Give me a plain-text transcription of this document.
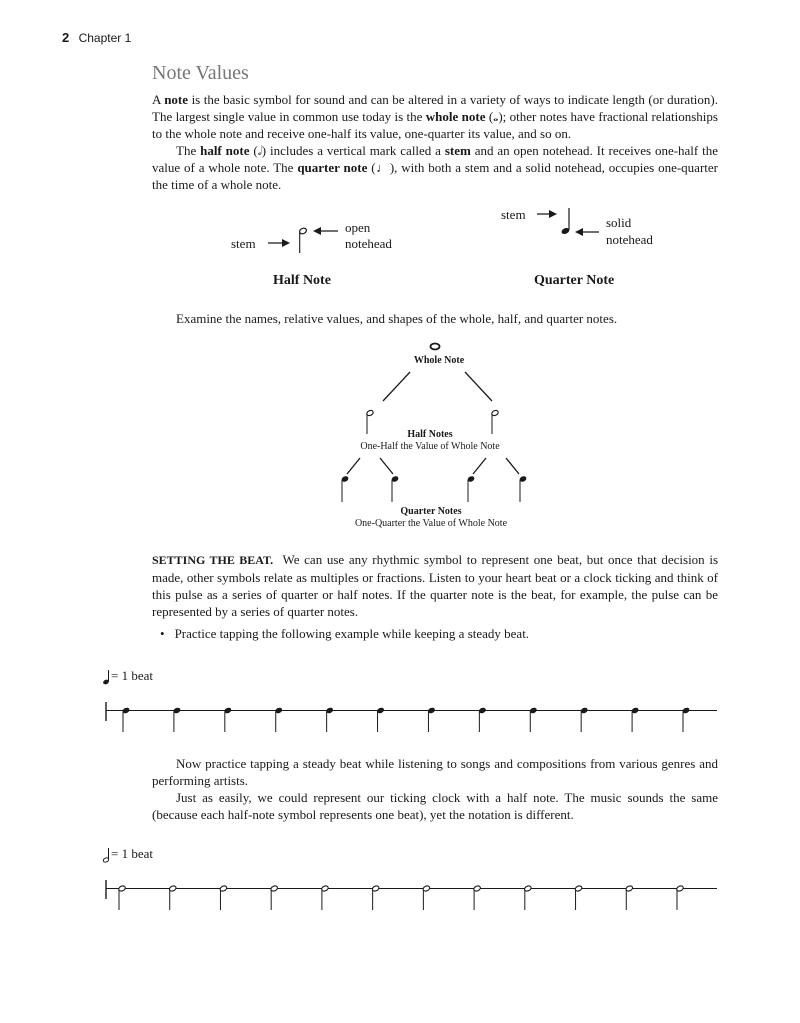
2 Chapter 1
Note Values

A note is the basic symbol for sound and can be altered in a variety of ways to indicate length (or duration). The largest single value in common use today is the whole note (𝅝); other notes have fractional relationships to the whole note and receive one-half its value, one-quarter its value, and so on.

The half note (𝅗𝅥) includes a vertical mark called a stem and an open notehead. It receives one-half the value of a whole note. The quarter note (♩), with both a stem and a solid notehead, occupies one-quarter the time of a whole note.

stem
open
notehead
Half Note
stem
solid
notehead
Quarter Note
Examine the names, relative values, and shapes of the whole, half, and quarter notes.
Whole Note
Half Notes
One-Half the Value of Whole Note
Quarter Notes
One-Quarter the Value of Whole Note

SETTING THE BEAT. We can use any rhythmic symbol to represent one beat, but once that decision is made, other symbols relate as multiples or fractions. Listen to your heart beat or a clock ticking and think of this pulse as a series of quarter or half notes. If the quarter note is the beat, for example, the pulse can be represented by a series of quarter notes.

• Practice tapping the following example while keeping a steady beat.
= 1 beat

Now practice tapping a steady beat while listening to songs and compositions from various genres and performing artists.

Just as easily, we could represent our ticking clock with a half note. The music sounds the same (because each half-note symbol represents one beat), yet the notation is different.

= 1 beat
